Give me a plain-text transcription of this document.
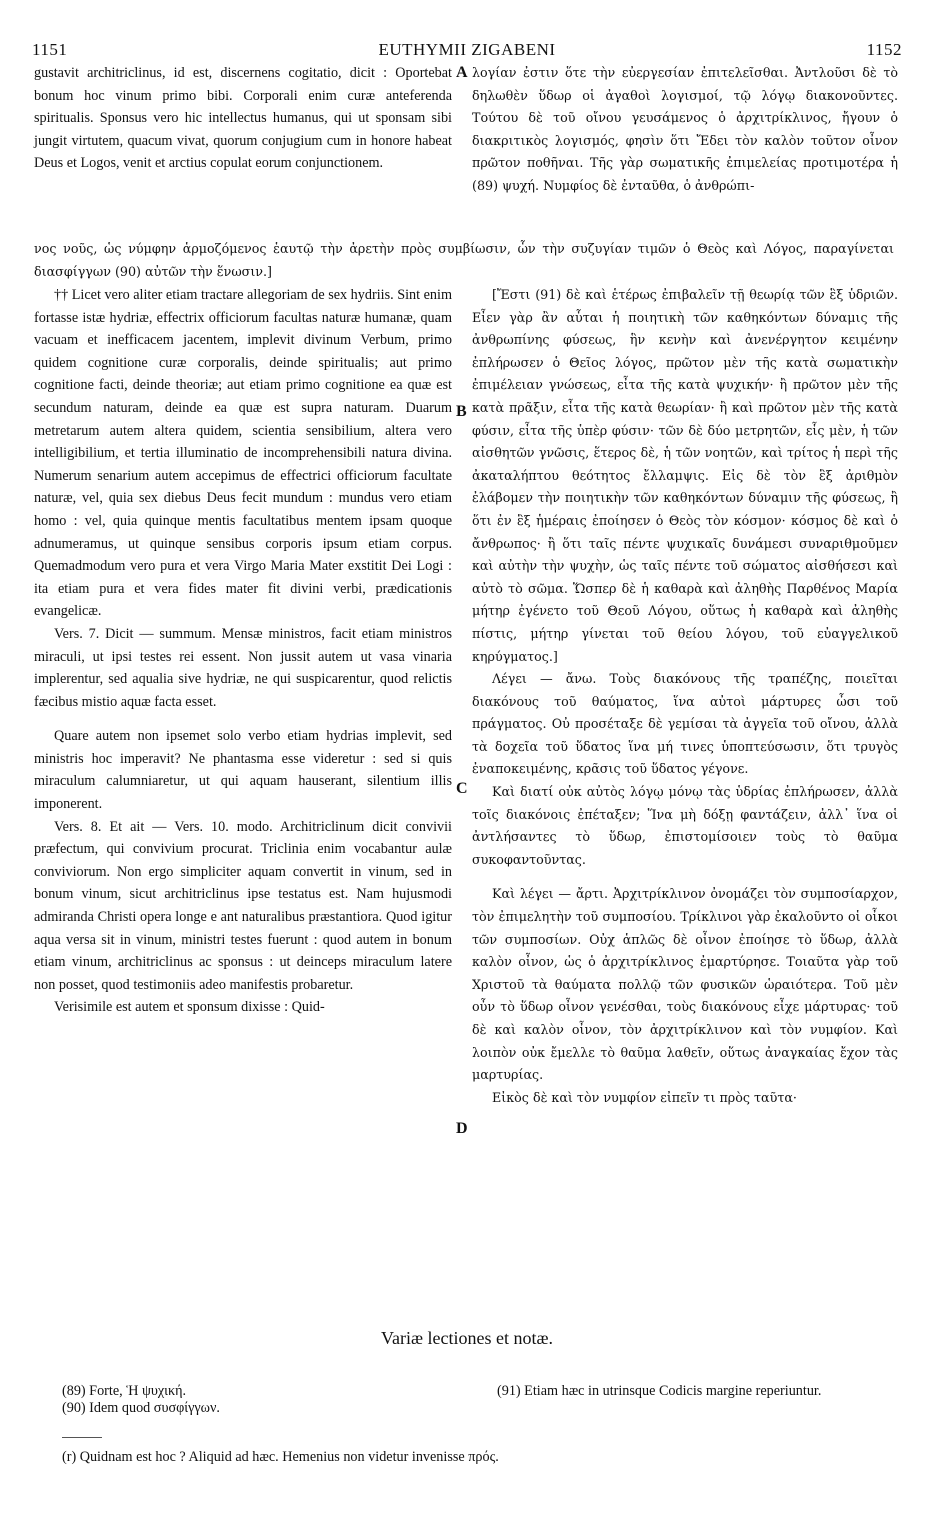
1151	EUTHYMII ZIGABENI	1152

gustavit architriclinus, id est, discernens cogitatio, dicit : Oportebat bonum hoc vinum primo bibi. Corporali enim curæ anteferenda spiritualis. Sponsus vero hic intellectus humanus, qui ut sponsam sibi jungit virtutem, quacum vivat, quorum conjugium cum in honore habeat Deus et Logos, venit et arctius copulat eorum conjunctionem.

λογίαν ἐστιν ὅτε τὴν εὐεργεσίαν ἐπιτελεῖσθαι. Ἀντλοῦσι δὲ τὸ δηλωθὲν ὕδωρ οἱ ἀγαθοὶ λογισμοί, τῷ λόγῳ διακονοῦντες. Τούτου δὲ τοῦ οἴνου γευσάμενος ὁ ἀρχιτρίκλινος, ἤγουν ὁ διακριτικὸς λογισμός, φησὶν ὅτι Ἔδει τὸν καλὸν τοῦτον οἶνον πρῶτον ποθῆναι. Τῆς γὰρ σωματικῆς ἐπιμελείας προτιμοτέρα ἡ (89) ψυχή. Νυμφίος δὲ ἐνταῦθα, ὁ ἀνθρώπι-

νος νοῦς, ὡς νύμφην ἁρμοζόμενος ἑαυτῷ τὴν ἀρετὴν πρὸς συμβίωσιν, ὧν τὴν συζυγίαν τιμῶν ὁ Θεὸς καὶ Λόγος, παραγίνεται διασφίγγων (90) αὐτῶν τὴν ἕνωσιν.]

†† Licet vero aliter etiam tractare allegoriam de sex hydriis. Sint enim fortasse istæ hydriæ, effectrix officiorum facultas naturæ humanæ, quam vacuam et inefficacem jacentem, implevit divinum Verbum, primo quidem cognitione curæ corporalis, deinde spiritualis; aut primo cognitione facti, deinde theoriæ; aut etiam primo cognitione ea quæ est secundum naturam, deinde ea quæ est supra naturam. Duarum metretarum autem altera quidem, scientia sensibilium, altera vero intelligibilium, et tertia illuminatio de incomprehensibili natura divina. Numerum senarium autem accepimus de effectrici officiorum facultate naturæ, vel, quia sex diebus Deus fecit mundum : mundus vero etiam homo : vel, quia quinque mentis facultatibus mentem ipsam quoque adnumeramus, ut quinque sensibus corporis ipsum etiam corpus. Quemadmodum vero pura et vera Virgo Maria Mater exstitit Dei Logi : ita etiam pura et vera fides mater fit divini verbi, prædicationis evangelicæ.

Vers. 7. Dicit — summum. Mensæ ministros, facit etiam ministros miraculi, ut ipsi testes rei essent. Non jussit autem ut vasa vinaria implerentur, sed aqualia sive hydriæ, ne qui suspicarentur, quod relictis fæcibus mistio aquæ facta esset.

Quare autem non ipsemet solo verbo etiam hydrias implevit, sed ministris hoc imperavit? Ne phantasma esse videretur : sed si quis miraculum calumniaretur, ut qui aquam hauserant, silentium illis imponerent.

Vers. 8. Et ait — Vers. 10. modo. Architriclinum dicit convivii præfectum, qui convivium procurat. Triclinia enim vocabantur aulæ conviviorum. Non ergo simpliciter aquam convertit in vinum, sed in bonum vinum, sicut architriclinus ipse testatus est. Nam hujusmodi admiranda Christi opera longe e ant naturalibus præstantiora. Quod igitur aqua versa sit in vinum, ministri testes fuerunt : quod autem in bonum etiam vinum, architriclinus ac sponsus : ut deinceps miraculum latere non posset, quod testimoniis adeo manifestis probaretur.

Verisimile est autem et sponsum dixisse : Quid-

[Ἔστι (91) δὲ καὶ ἑτέρως ἐπιβαλεῖν τῇ θεωρίᾳ τῶν ἓξ ὑδριῶν. Εἶεν γὰρ ἂν αὗται ἡ ποιητικὴ τῶν καθηκόντων δύναμις τῆς ἀνθρωπίνης φύσεως, ἣν κενὴν καὶ ἀνενέργητον κειμένην ἐπλήρωσεν ὁ Θεῖος λόγος, πρῶτον μὲν τῆς κατὰ σωματικὴν ἐπιμέλειαν γνώσεως, εἶτα τῆς κατὰ ψυχικήν· ἢ πρῶτον μὲν τῆς κατὰ πρᾶξιν, εἶτα τῆς κατὰ θεωρίαν· ἢ καὶ πρῶτον μὲν τῆς κατὰ φύσιν, εἶτα τῆς ὑπὲρ φύσιν· τῶν δὲ δύο μετρητῶν, εἷς μὲν, ἡ τῶν αἰσθητῶν γνῶσις, ἕτερος δὲ, ἡ τῶν νοητῶν, καὶ τρίτος ἡ περὶ τῆς ἀκαταλήπτου θεότητος ἔλλαμψις. Εἰς δὲ τὸν ἓξ ἀριθμὸν ἐλάβομεν τὴν ποιητικὴν τῶν καθηκόντων δύναμιν τῆς φύσεως, ἢ ὅτι ἐν ἓξ ἡμέραις ἐποίησεν ὁ Θεὸς τὸν κόσμον· κόσμος δὲ καὶ ὁ ἄνθρωπος· ἢ ὅτι ταῖς πέντε ψυχικαῖς δυνάμεσι συναριθμοῦμεν καὶ αὐτὴν τὴν ψυχὴν, ὡς ταῖς πέντε τοῦ σώματος αἰσθήσεσι καὶ αὐτὸ τὸ σῶμα. Ὥσπερ δὲ ἡ καθαρὰ καὶ ἀληθὴς Παρθένος Μαρία μήτηρ ἐγένετο τοῦ Θεοῦ Λόγου, οὕτως ἡ καθαρὰ καὶ ἀληθὴς πίστις, μήτηρ γίνεται τοῦ θείου λόγου, τοῦ εὐαγγελικοῦ κηρύγματος.]

Λέγει — ἄνω. Τοὺς διακόνους τῆς τραπέζης, ποιεῖται διακόνους τοῦ θαύματος, ἵνα αὐτοὶ μάρτυρες ὦσι τοῦ πράγματος. Οὐ προσέταξε δὲ γεμίσαι τὰ ἀγγεῖα τοῦ οἴνου, ἀλλὰ τὰ δοχεῖα τοῦ ὕδατος ἵνα μή τινες ὑποπτεύσωσιν, ὅτι τρυγὸς ἐναποκειμένης, κρᾶσις τοῦ ὕδατος γέγονε.

Καὶ διατί οὐκ αὐτὸς λόγῳ μόνῳ τὰς ὑδρίας ἐπλήρωσεν, ἀλλὰ τοῖς διακόνοις ἐπέταξεν; Ἵνα μὴ δόξῃ φαντάζειν, ἀλλ᾽ ἵνα οἱ ἀντλήσαντες τὸ ὕδωρ, ἐπιστομίσοιεν τοὺς τὸ θαῦμα συκοφαντοῦντας.

Καὶ λέγει — ἄρτι. Ἀρχιτρίκλινον ὀνομάζει τὸν συμποσίαρχον, τὸν ἐπιμελητὴν τοῦ συμποσίου. Τρίκλινοι γὰρ ἐκαλοῦντο οἱ οἶκοι τῶν συμποσίων. Οὐχ ἁπλῶς δὲ οἶνον ἐποίησε τὸ ὕδωρ, ἀλλὰ καλὸν οἶνον, ὡς ὁ ἀρχιτρίκλινος ἐμαρτύρησε. Τοιαῦτα γὰρ τοῦ Χριστοῦ τὰ θαύματα πολλῷ τῶν φυσικῶν ὡραιότερα. Τοῦ μὲν οὖν τὸ ὕδωρ οἶνον γενέσθαι, τοὺς διακόνους εἶχε μάρτυρας· τοῦ δὲ καὶ καλὸν οἶνον, τὸν ἀρχιτρίκλινον καὶ τὸν νυμφίον. Καὶ λοιπὸν οὐκ ἔμελλε τὸ θαῦμα λαθεῖν, οὕτως ἀναγκαίας ἔχον τὰς μαρτυρίας.

Εἰκὸς δὲ καὶ τὸν νυμφίον εἰπεῖν τι πρὸς ταῦτα·

A
B
C
D
Variæ lectiones et notæ.
(89) Forte, Ἡ ψυχική.
(90) Idem quod συσφίγγων.
(91) Etiam hæc in utrinsque Codicis margine reperiuntur.
(r) Quidnam est hoc ? Aliquid ad hæc. Hemenius non videtur invenisse πρός.
